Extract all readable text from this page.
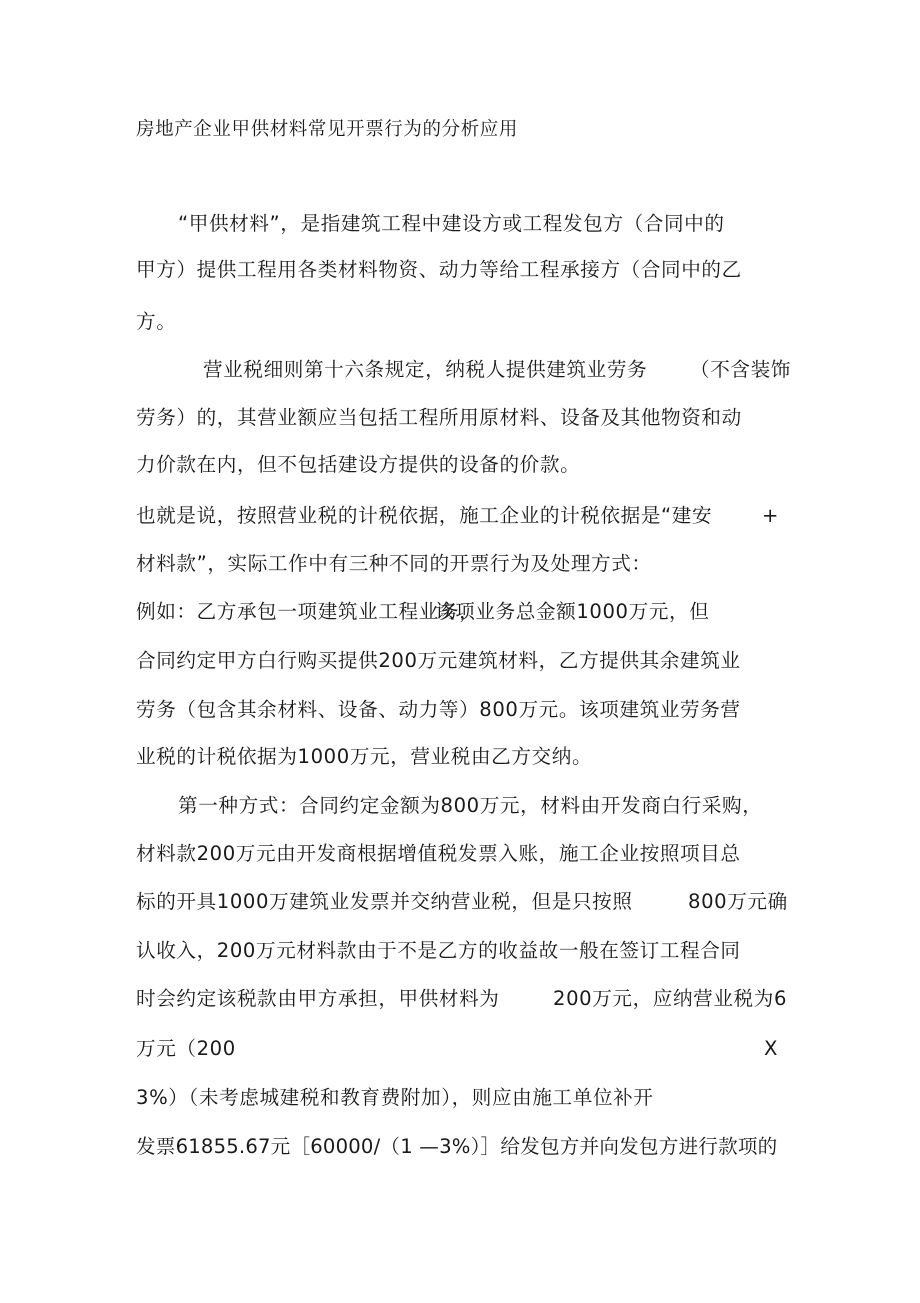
房地产企业甲供材料常见开票行为的分析应用
“甲供材料”，是指建筑工程中建设方或工程发包方（合同中的
甲方）提供工程用各类材料物资、动力等给工程承接方（合同中的乙
方。
营业税细则第十六条规定，纳税人提供建筑业劳务 （不含装饰
劳务）的，其营业额应当包括工程所用原材料、设备及其他物资和动
力价款在内，但不包括建设方提供的设备的价款。
也就是说，按照营业税的计税依据，施工企业的计税依据是“建安	+
材料款”，实际工作中有三种不同的开票行为及处理方式：
例如：乙方承包一项建筑业工程业务，
该项业务总金额1000万元，但
合同约定甲方白行购买提供200万元建筑材料，乙方提供其余建筑业
劳务（包含其余材料、设备、动力等）800万元。该项建筑业劳务营
业税的计税依据为1000万元，营业税由乙方交纳。
第一种方式：合同约定金额为800万元，材料由开发商白行采购，
材料款200万元由开发商根据增值税发票入账，施工企业按照项目总
标的开具1000万建筑业发票并交纳营业税，但是只按照	800万元确
认收入，200万元材料款由于不是乙方的收益故一般在签订工程合同
时会约定该税款由甲方承担，甲供材料为	200万元，应纳营业税为6
万元（200	X
3%）（未考虑城建税和教育费附加），则应由施工单位补开
发票61855.67元［60000/（1 —3%）］给发包方并向发包方进行款项的
